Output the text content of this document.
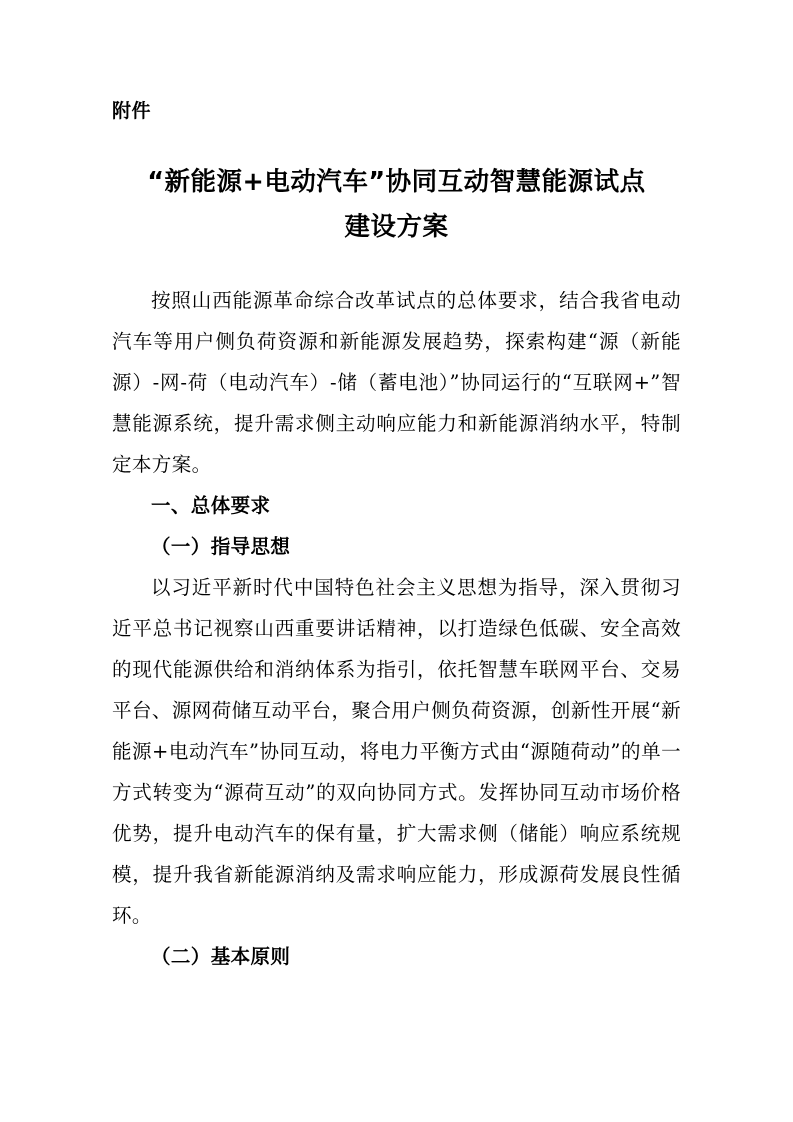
附件
“新能源+电动汽车”协同互动智慧能源试点
建设方案

按照山西能源革命综合改革试点的总体要求，结合我省电动汽车等用户侧负荷资源和新能源发展趋势，探索构建“源（新能源）-网-荷（电动汽车）-储（蓄电池）”协同运行的“互联网+”智慧能源系统，提升需求侧主动响应能力和新能源消纳水平，特制定本方案。

一、总体要求
（一）指导思想

以习近平新时代中国特色社会主义思想为指导，深入贯彻习近平总书记视察山西重要讲话精神，以打造绿色低碳、安全高效的现代能源供给和消纳体系为指引，依托智慧车联网平台、交易平台、源网荷储互动平台，聚合用户侧负荷资源，创新性开展“新能源+电动汽车”协同互动，将电力平衡方式由“源随荷动”的单一方式转变为“源荷互动”的双向协同方式。发挥协同互动市场价格优势，提升电动汽车的保有量，扩大需求侧（储能）响应系统规模，提升我省新能源消纳及需求响应能力，形成源荷发展良性循环。

（二）基本原则
